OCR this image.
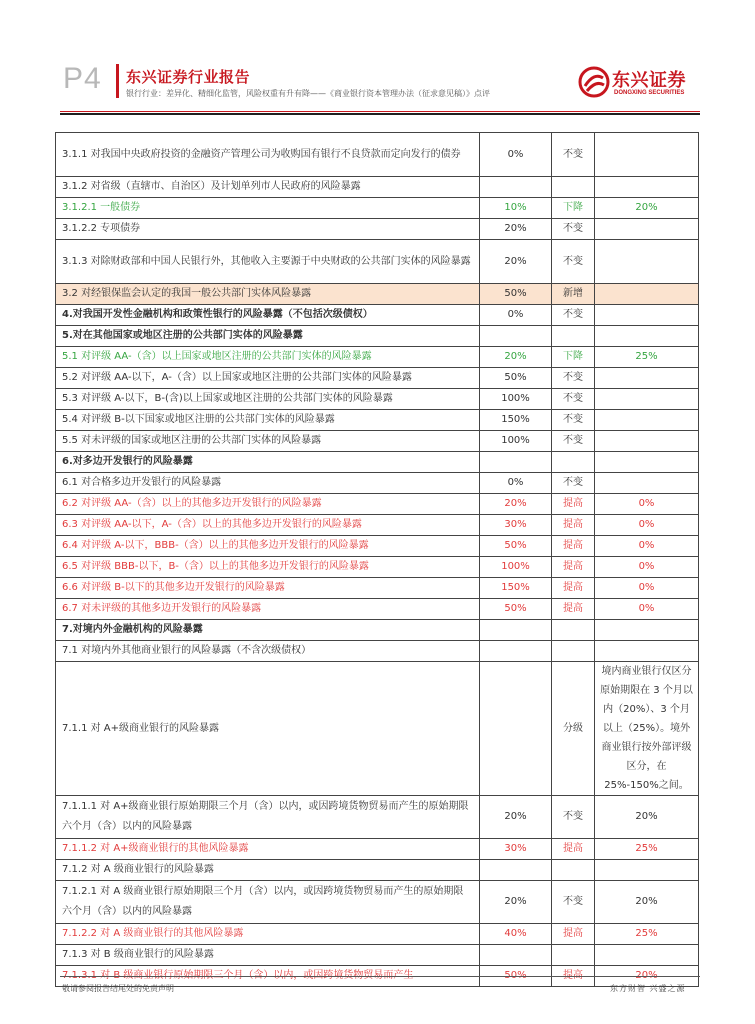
P4 东兴证券行业报告
银行行业：差异化、精细化监管，风险权重有升有降——《商业银行资本管理办法（征求意见稿）》点评
东兴证券
DONGXING SECURITIES
3.1.1 对我国中央政府投资的金融资产管理公司为收购国有银行不良贷款而定向发行的债券	0%	不变	
3.1.2 对省级（直辖市、自治区）及计划单列市人民政府的风险暴露			
3.1.2.1 一般债券	10%	下降	20%
3.1.2.2 专项债券	20%	不变	
3.1.3 对除财政部和中国人民银行外，其他收入主要源于中央财政的公共部门实体的风险暴露	20%	不变	
3.2 对经银保监会认定的我国一般公共部门实体风险暴露	50%	新增	
4.对我国开发性金融机构和政策性银行的风险暴露（不包括次级债权）	0%	不变	
5.对在其他国家或地区注册的公共部门实体的风险暴露			
5.1 对评级 AA-（含）以上国家或地区注册的公共部门实体的风险暴露	20%	下降	25%
5.2 对评级 AA-以下，A-（含）以上国家或地区注册的公共部门实体的风险暴露	50%	不变	
5.3 对评级 A-以下，B-(含)以上国家或地区注册的公共部门实体的风险暴露	100%	不变	
5.4 对评级 B-以下国家或地区注册的公共部门实体的风险暴露	150%	不变	
5.5 对未评级的国家或地区注册的公共部门实体的风险暴露	100%	不变	
6.对多边开发银行的风险暴露			
6.1 对合格多边开发银行的风险暴露	0%	不变	
6.2 对评级 AA-（含）以上的其他多边开发银行的风险暴露	20%	提高	0%
6.3 对评级 AA-以下，A-（含）以上的其他多边开发银行的风险暴露	30%	提高	0%
6.4 对评级 A-以下，BBB-（含）以上的其他多边开发银行的风险暴露	50%	提高	0%
6.5 对评级 BBB-以下，B-（含）以上的其他多边开发银行的风险暴露	100%	提高	0%
6.6 对评级 B-以下的其他多边开发银行的风险暴露	150%	提高	0%
6.7 对未评级的其他多边开发银行的风险暴露	50%	提高	0%
7.对境内外金融机构的风险暴露			
7.1 对境内外其他商业银行的风险暴露（不含次级债权）			
7.1.1 对 A+级商业银行的风险暴露		分级	境内商业银行仅区分原始期限在 3 个月以内（20%）、3 个月以上（25%）。境外商业银行按外部评级区分，在 25%-150%之间。
7.1.1.1 对 A+级商业银行原始期限三个月（含）以内，或因跨境货物贸易而产生的原始期限六个月（含）以内的风险暴露	20%	不变	20%
7.1.1.2 对 A+级商业银行的其他风险暴露	30%	提高	25%
7.1.2 对 A 级商业银行的风险暴露			
7.1.2.1 对 A 级商业银行原始期限三个月（含）以内，或因跨境货物贸易而产生的原始期限六个月（含）以内的风险暴露	20%	不变	20%
7.1.2.2 对 A 级商业银行的其他风险暴露	40%	提高	25%
7.1.3 对 B 级商业银行的风险暴露			

敬请参阅报告结尾处的免责声明	东方财智 兴盛之源
